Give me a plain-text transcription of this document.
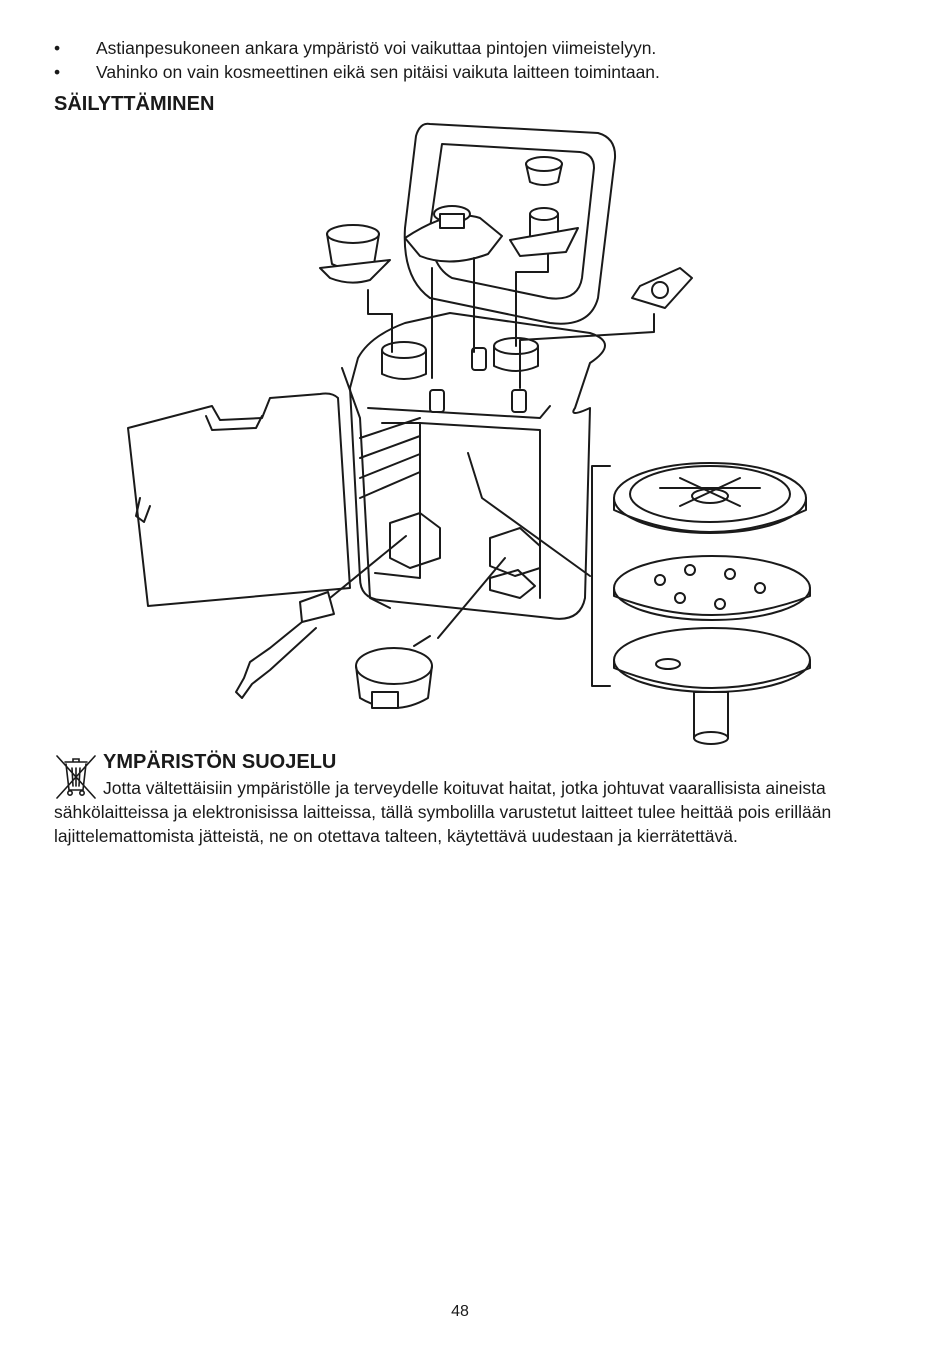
• Astianpesukoneen ankara ympäristö voi vaikuttaa pintojen viimeistelyyn.
• Vahinko on vain kosmeettinen eikä sen pitäisi vaikuta laitteen toimintaan.
SÄILYTTÄMINEN
YMPÄRISTÖN SUOJELU

Jotta vältettäisiin ympäristölle ja terveydelle koituvat haitat, jotka johtuvat vaarallisista aineista sähkölaitteissa ja elektronisissa laitteissa, tällä symbolilla varustetut laitteet tulee heittää pois erillään lajittelemattomista jätteistä, ne on otettava talteen, käytettävä uudestaan ja kierrätettävä.

48
